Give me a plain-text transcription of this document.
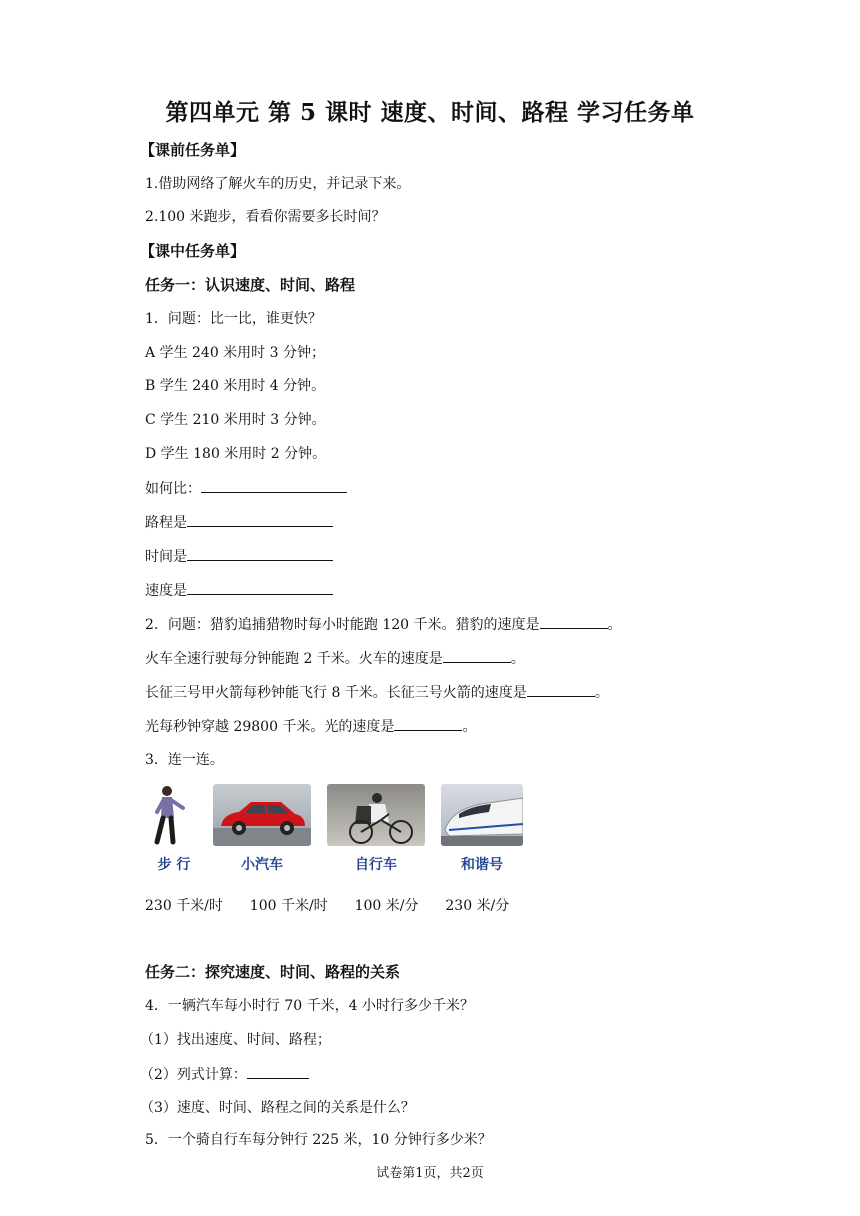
第四单元 第 5 课时 速度、时间、路程 学习任务单
【课前任务单】
1.借助网络了解火车的历史，并记录下来。
2.100 米跑步，看看你需要多长时间？
【课中任务单】
任务一：认识速度、时间、路程
1．问题：比一比，谁更快？
A 学生 240 米用时 3 分钟；
B 学生 240 米用时 4 分钟。
C 学生 210 米用时 3 分钟。
D 学生 180 米用时 2 分钟。
如何比：
路程是
时间是
速度是
2．问题：猎豹追捕猎物时每小时能跑 120 千米。猎豹的速度是	。
火车全速行驶每分钟能跑 2 千米。火车的速度是	。
长征三号甲火箭每秒钟能飞行 8 千米。长征三号火箭的速度是	。
光每秒钟穿越 29800 千米。光的速度是	。
3．连一连。
步 行	小汽车	自行车	和谐号
230 千米/时 100 千米/时 100 米/分 230 米/分
任务二：探究速度、时间、路程的关系
4．一辆汽车每小时行 70 千米，4 小时行多少千米？
（1）找出速度、时间、路程；
（2）列式计算：
（3）速度、时间、路程之间的关系是什么？
5．一个骑自行车每分钟行 225 米，10 分钟行多少米？
试卷第1页，共2页
